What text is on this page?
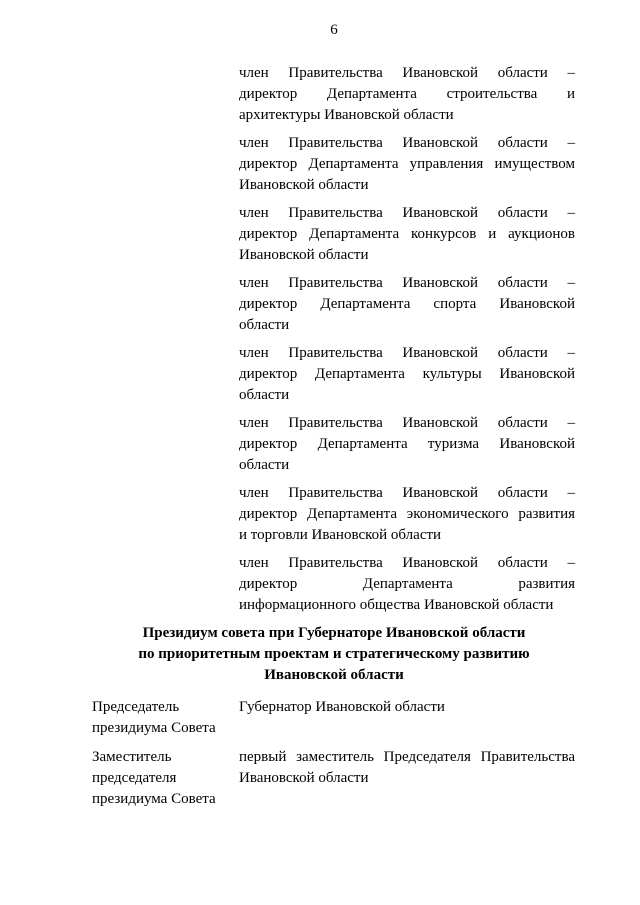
6
член Правительства Ивановской области –
директор Департамента строительства и
архитектуры Ивановской области
член Правительства Ивановской области –
директор Департамента управления имуществом
Ивановской области
член Правительства Ивановской области –
директор Департамента конкурсов и аукционов
Ивановской области
член Правительства Ивановской области –
директор Департамента спорта Ивановской
области
член Правительства Ивановской области –
директор Департамента культуры Ивановской
области
член Правительства Ивановской области –
директор Департамента туризма Ивановской
области
член Правительства Ивановской области –
директор Департамента экономического развития
и торговли Ивановской области
член Правительства Ивановской области –
директор Департамента развития
информационного общества Ивановской области
Президиум совета при Губернаторе Ивановской области
по приоритетным проектам и стратегическому развитию
Ивановской области
Председатель президиума Совета
Губернатор Ивановской области
Заместитель председателя президиума Совета
первый заместитель Председателя Правительства
Ивановской области
